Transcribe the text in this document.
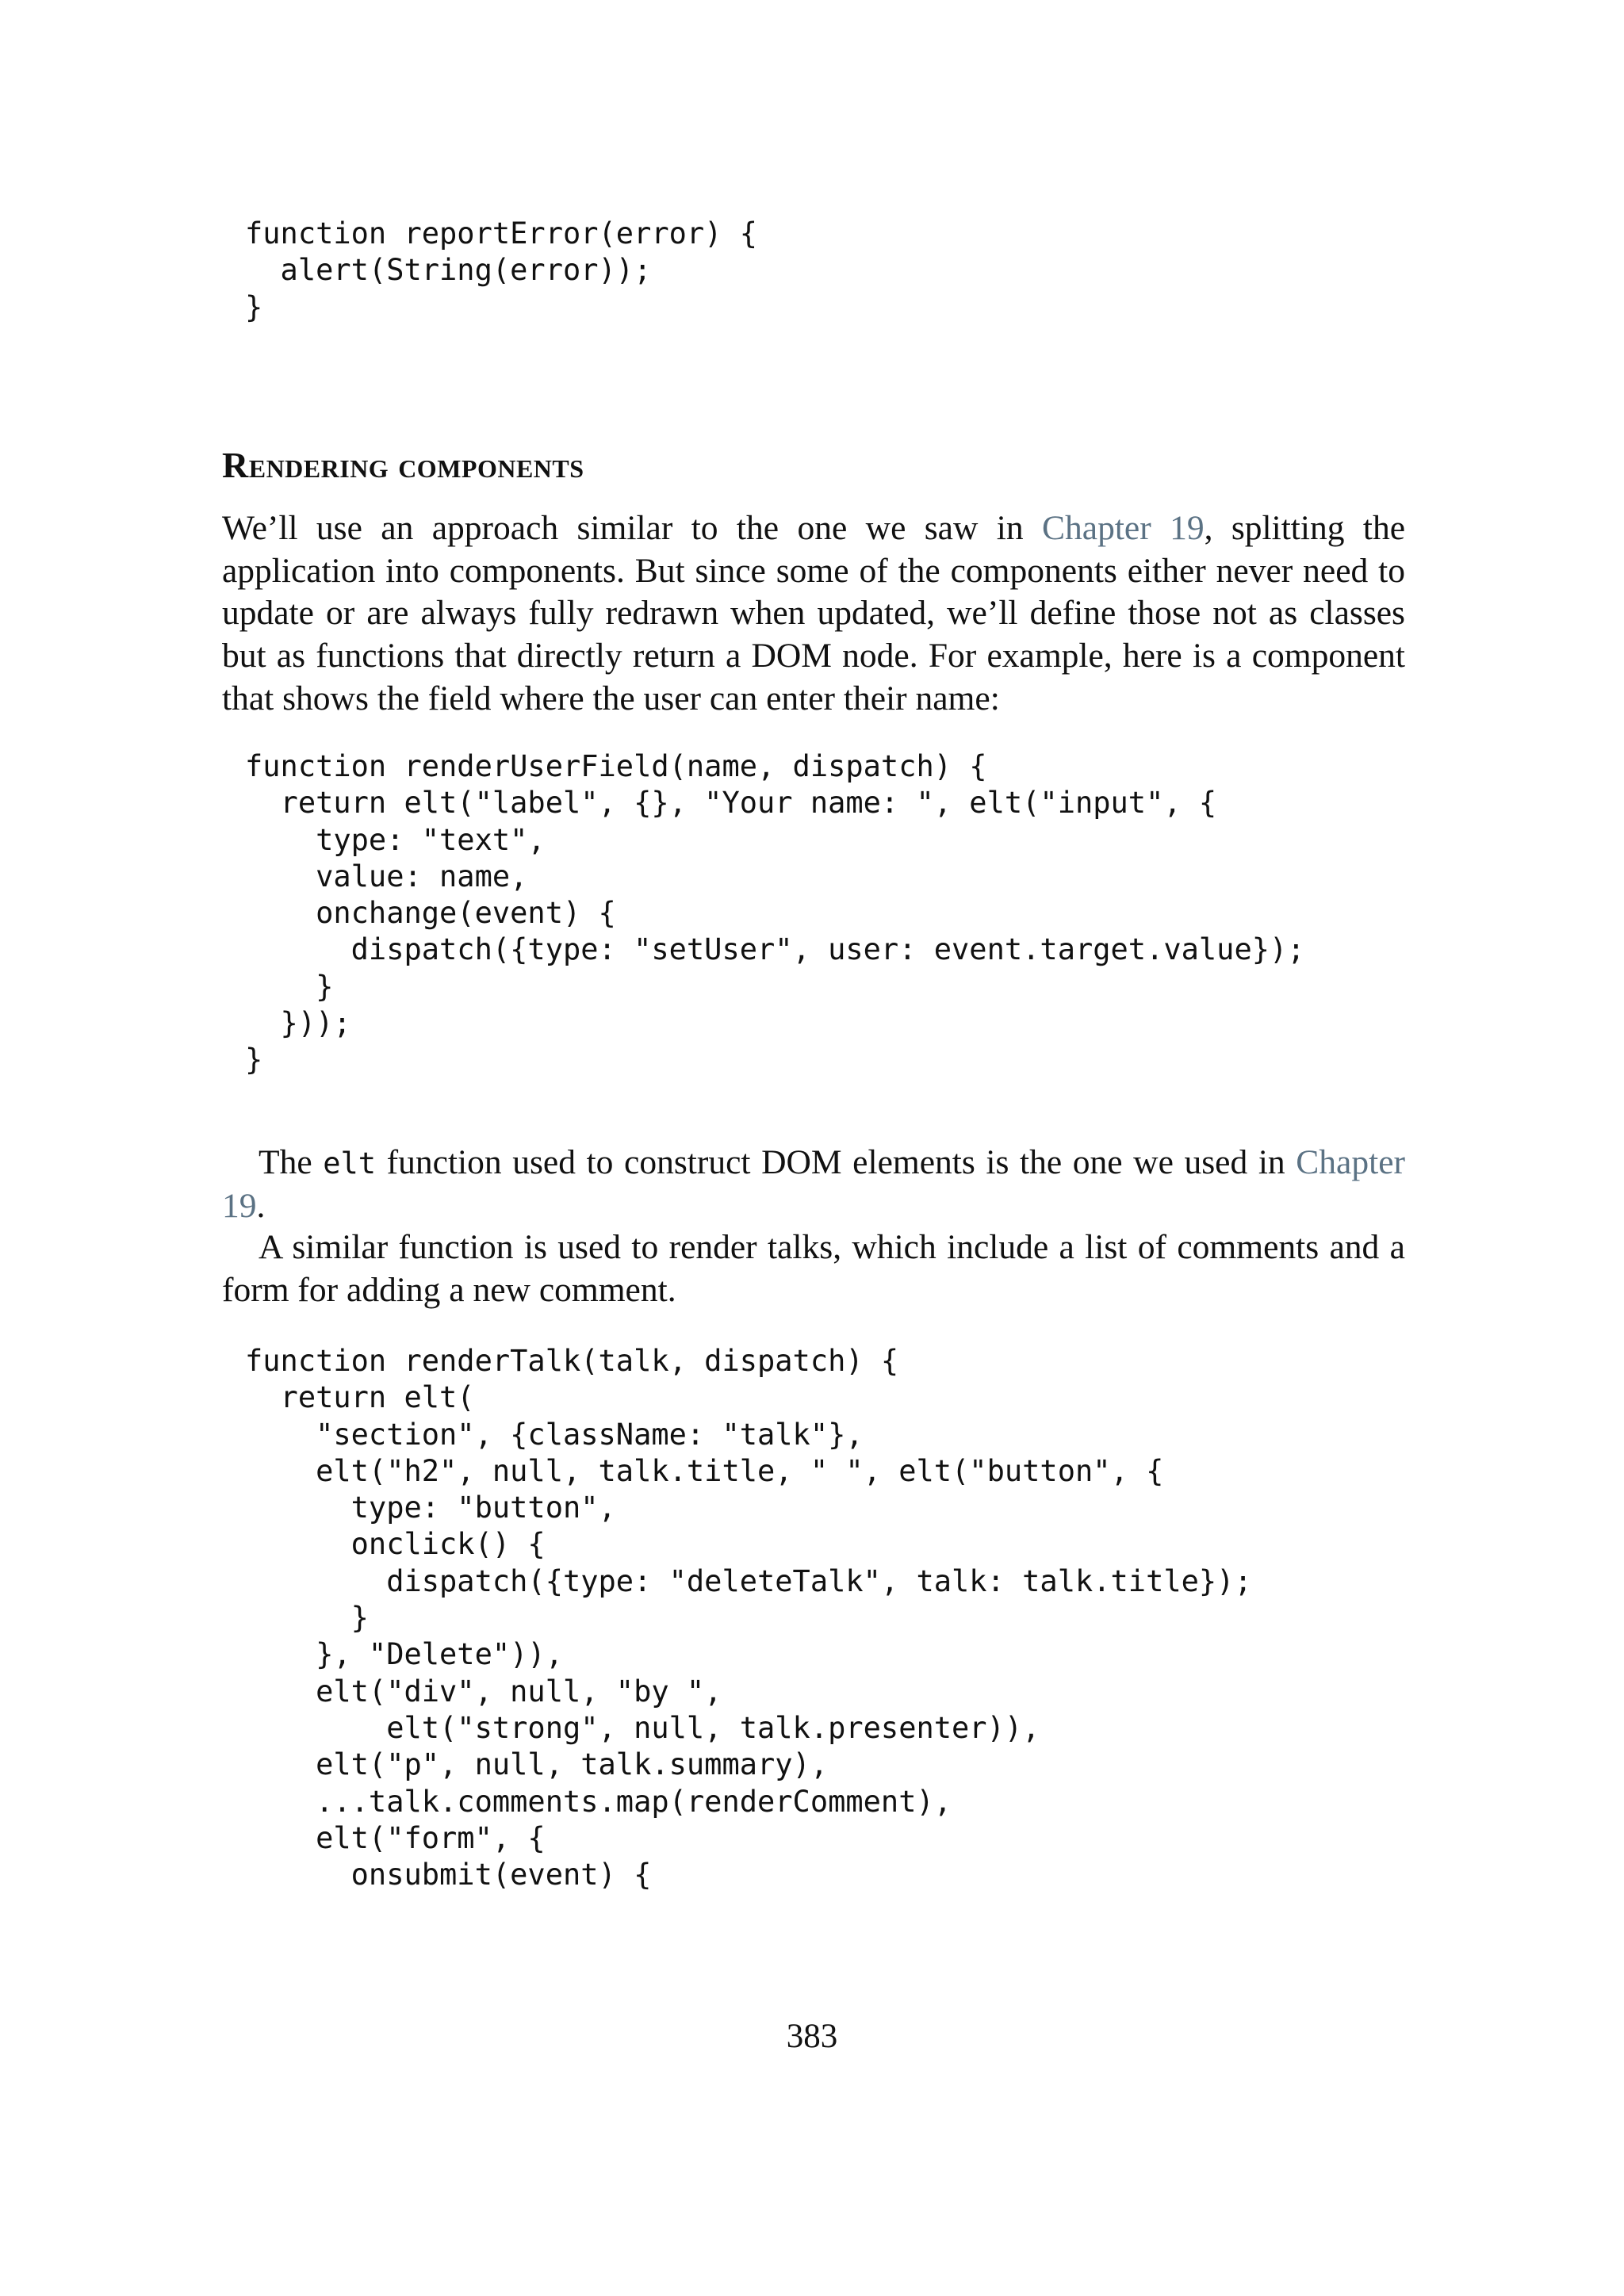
function reportError(error) {
alert(String(error));
}
Rendering components

We’ll use an approach similar to the one we saw in Chapter 19, splitting the application into components. But since some of the components either never need to update or are always fully redrawn when updated, we’ll define those not as classes but as functions that directly return a DOM node. For example, here is a component that shows the field where the user can enter their name:

function renderUserField(name, dispatch) {
return elt("label", {}, "Your name: ", elt("input", {
type: "text",
value: name,
onchange(event) {
dispatch({type: "setUser", user: event.target.value});
}
}));
}

The elt function used to construct DOM elements is the one we used in Chapter 19.

A similar function is used to render talks, which include a list of comments and a form for adding a new comment.

function renderTalk(talk, dispatch) {
return elt(
"section", {className: "talk"},
elt("h2", null, talk.title, " ", elt("button", {
type: "button",
onclick() {
dispatch({type: "deleteTalk", talk: talk.title});
}
}, "Delete")),
elt("div", null, "by ",
elt("strong", null, talk.presenter)),
elt("p", null, talk.summary),
...talk.comments.map(renderComment),
elt("form", {
onsubmit(event) {

383
